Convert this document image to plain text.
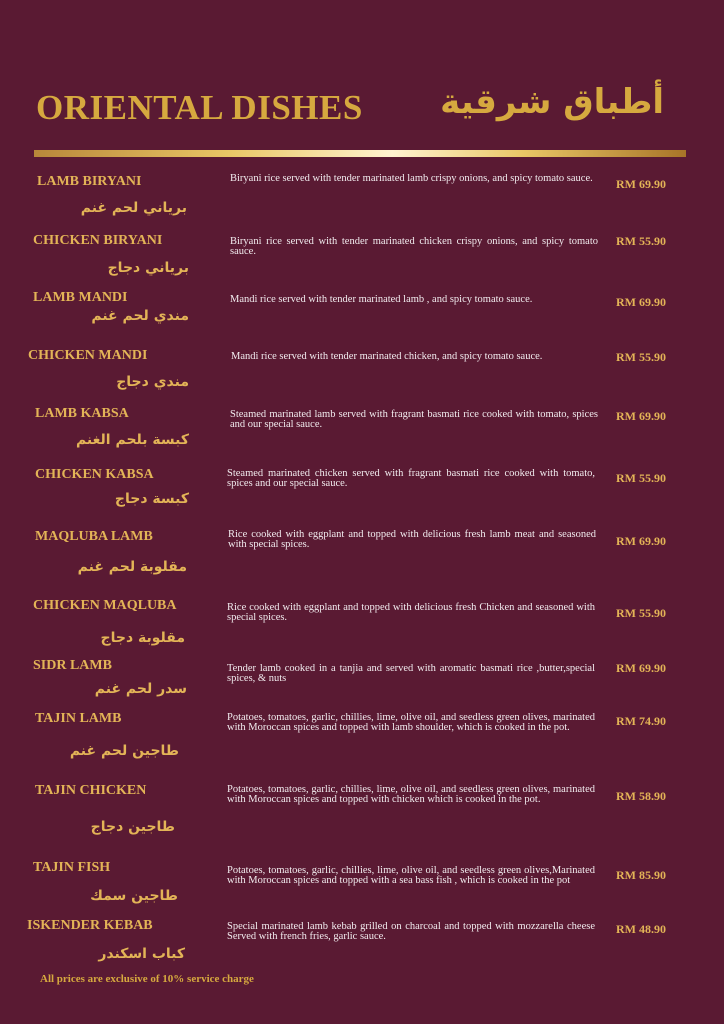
ORIENTAL DISHES أطباق شرقية

LAMB BIRYANI

برياني لحم غنم

Biryani rice served with tender marinated lamb crispy onions, and spicy tomato sauce.	RM 69.90

CHICKEN BIRYANI

برياني دجاج

Biryani rice served with tender marinated chicken crispy onions, and spicy tomato sauce.

RM 55.90

LAMB MANDI

مندي لحم غنم

Mandi rice served with tender marinated lamb , and spicy tomato sauce.	RM 69.90

CHICKEN MANDI

مندي دجاج

Mandi rice served with tender marinated chicken, and spicy tomato sauce.	RM 55.90

LAMB KABSA

كبسة بلحم الغنم

Steamed marinated lamb served with fragrant basmati rice cooked with tomato, spices and our special sauce.

RM 69.90

CHICKEN KABSA

كبسة دجاج

Steamed marinated chicken served with fragrant basmati rice cooked with tomato, spices and our special sauce.	RM 55.90

MAQLUBA LAMB

مقلوبة لحم غنم

Rice cooked with eggplant and topped with delicious fresh lamb meat and seasoned with special spices.	RM 69.90

CHICKEN MAQLUBA

مقلوبة دجاج

Rice cooked with eggplant and topped with delicious fresh Chicken and seasoned with special spices.	RM 55.90

SIDR LAMB

سدر لحم غنم

Tender lamb cooked in a tanjia and served with aromatic basmati rice ,butter,special spices, & nuts

RM 69.90

TAJIN LAMB

طاجين لحم غنم

Potatoes, tomatoes, garlic, chillies, lime, olive oil, and seedless green olives, marinated with Moroccan spices and topped with lamb shoulder, which is cooked in the pot.	RM 74.90

TAJIN CHICKEN

طاجين دجاج

Potatoes, tomatoes, garlic, chillies, lime, olive oil, and seedless green olives, marinated with Moroccan spices and topped with chicken which is cooked in the pot.	RM 58.90

TAJIN FISH

طاجين سمك

Potatoes, tomatoes, garlic, chillies, lime, olive oil, and seedless green olives,Marinated with Moroccan spices and topped with a sea bass fish , which is cooked in the pot	RM 85.90

ISKENDER KEBAB

كباب اسكندر

Special marinated lamb kebab grilled on charcoal and topped with mozzarella cheese Served with french fries, garlic sauce.

RM 48.90

All prices are exclusive of 10% service charge
